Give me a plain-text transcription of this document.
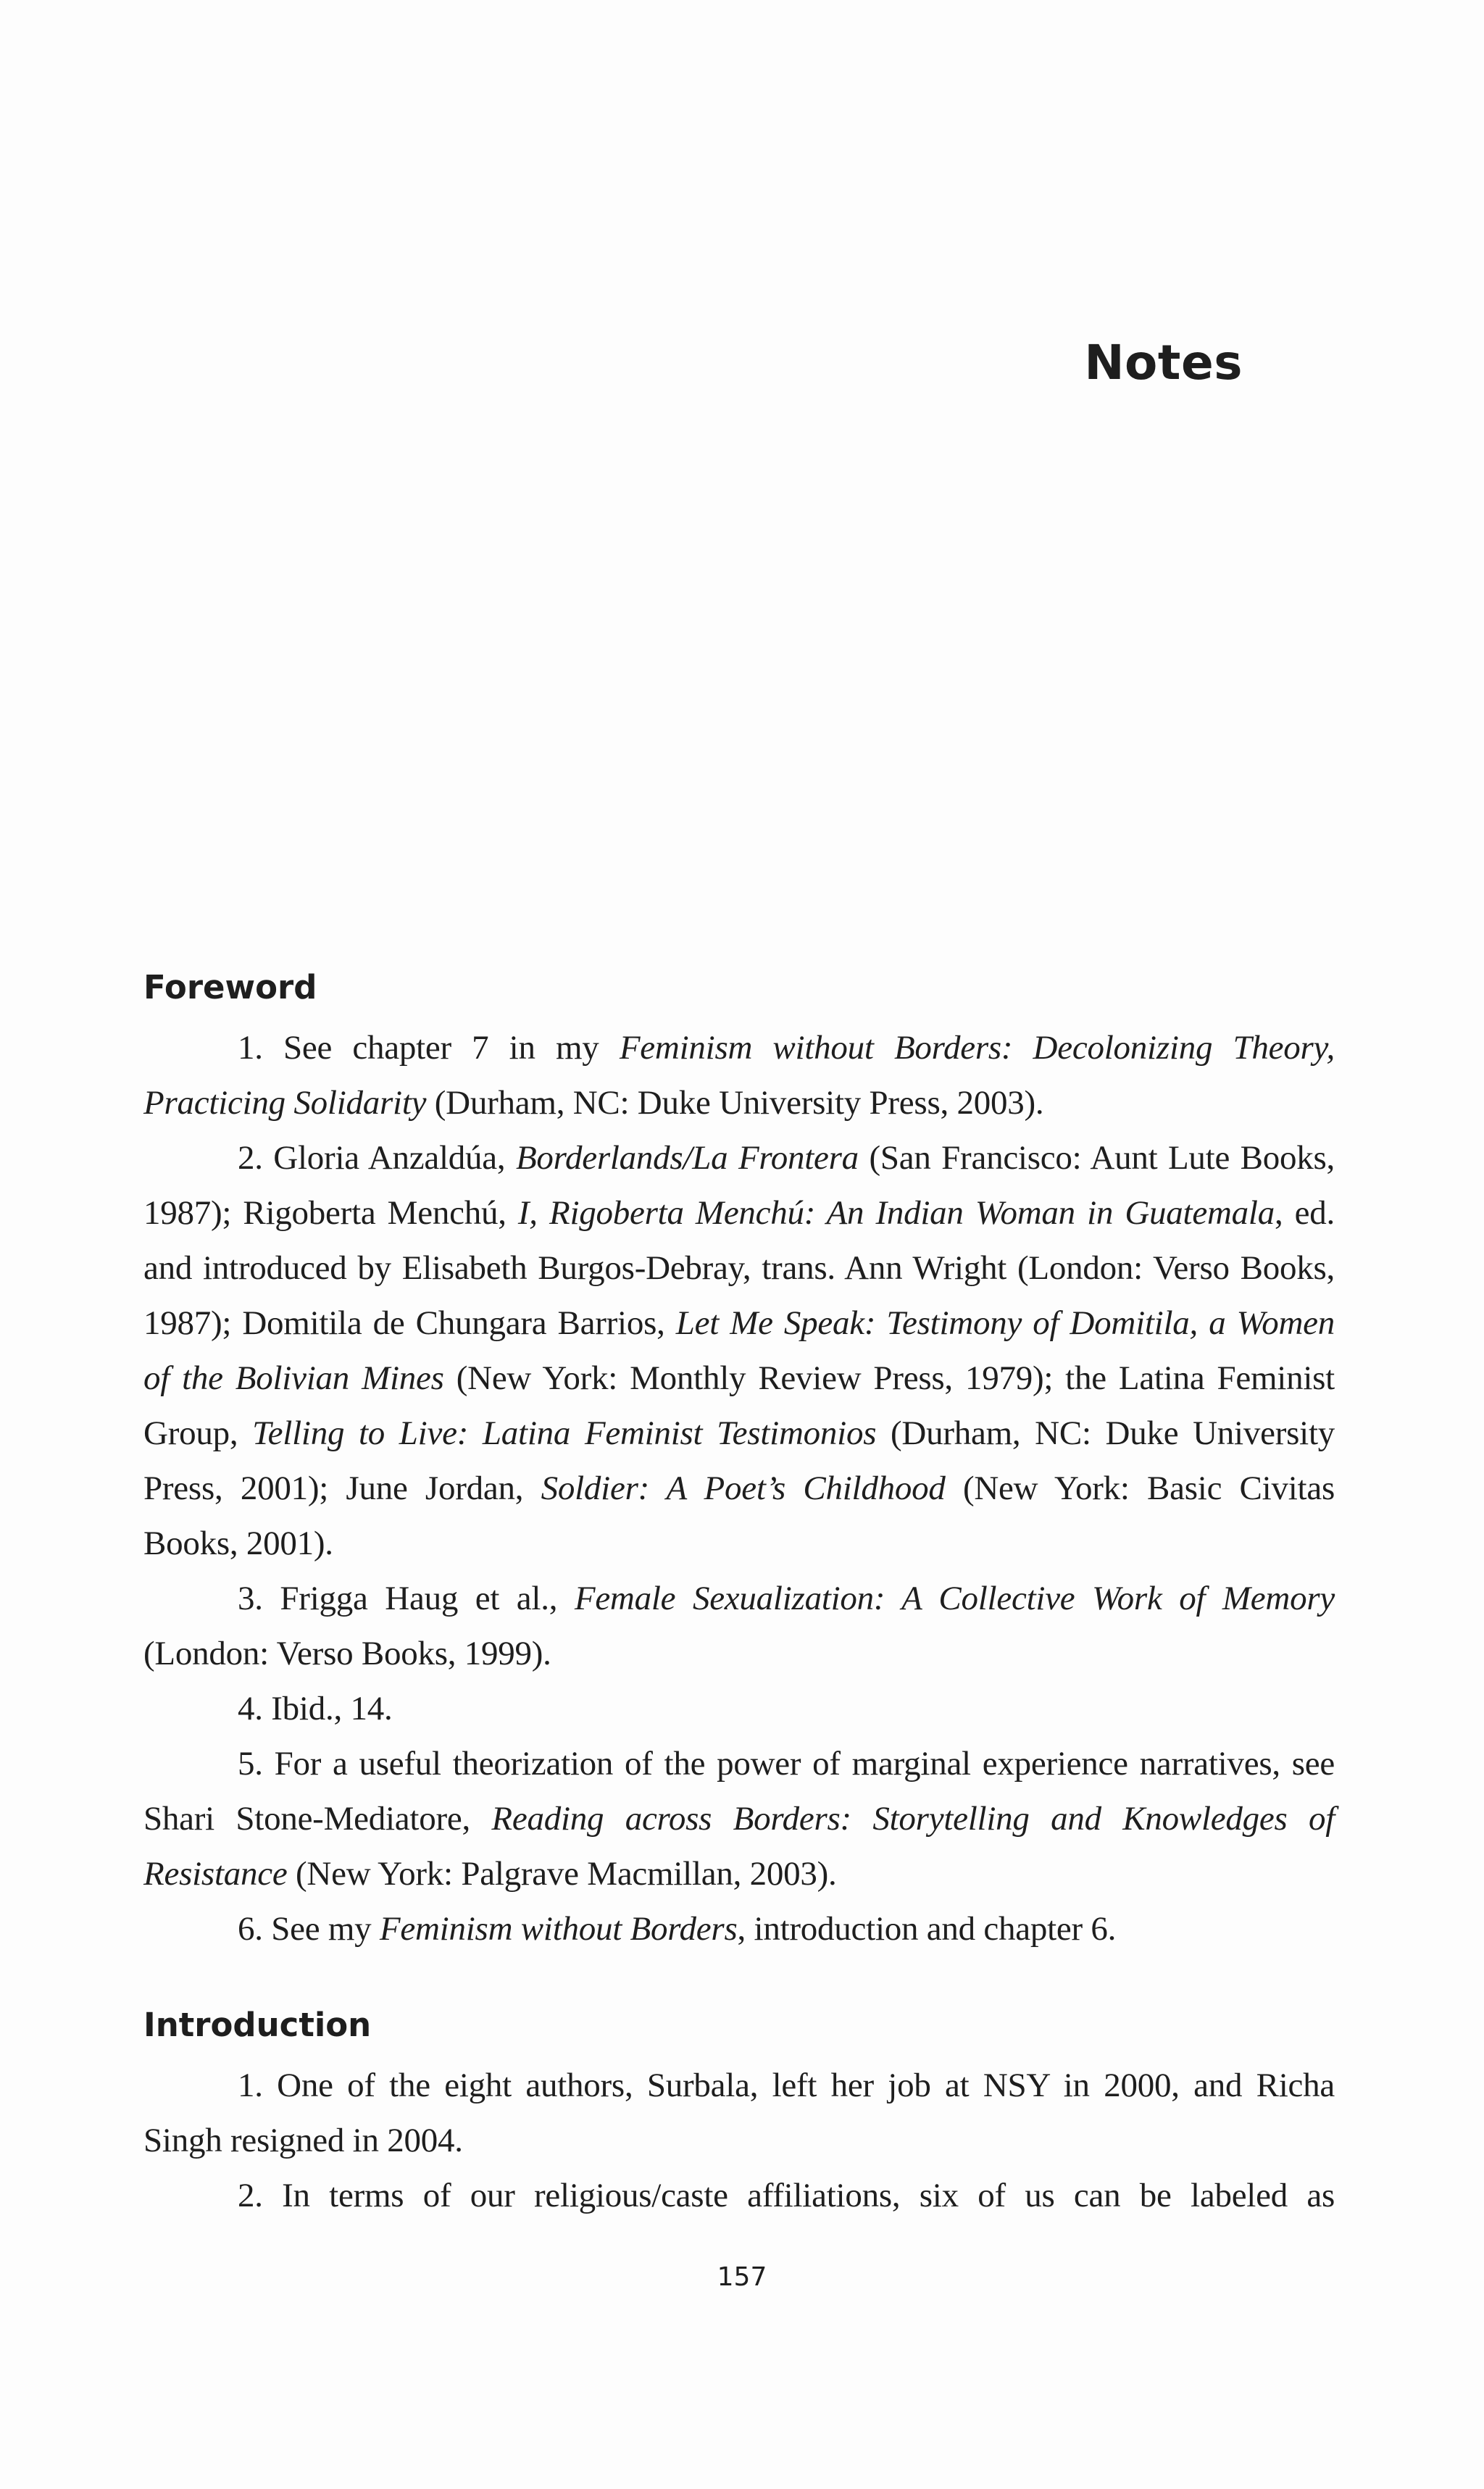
Notes
Foreword

1. See chapter 7 in my Feminism without Borders: Decolonizing Theory, Practicing Solidarity (Durham, NC: Duke University Press, 2003).

2. Gloria Anzaldúa, Borderlands/La Frontera (San Francisco: Aunt Lute Books, 1987); Rigoberta Menchú, I, Rigoberta Menchú: An Indian Woman in Guatemala, ed. and introduced by Elisabeth Burgos-Debray, trans. Ann Wright (London: Verso Books, 1987); Domitila de Chungara Barrios, Let Me Speak: Testimony of Domitila, a Women of the Bolivian Mines (New York: Monthly Review Press, 1979); the Latina Feminist Group, Telling to Live: Latina Feminist Testimonios (Durham, NC: Duke University Press, 2001); June Jordan, Soldier: A Poet’s Childhood (New York: Basic Civitas Books, 2001).

3. Frigga Haug et al., Female Sexualization: A Collective Work of Memory (London: Verso Books, 1999).

4. Ibid., 14.

5. For a useful theorization of the power of marginal experience narratives, see Shari Stone-Mediatore, Reading across Borders: Storytelling and Knowledges of Resistance (New York: Palgrave Macmillan, 2003).

6. See my Feminism without Borders, introduction and chapter 6.

Introduction

1. One of the eight authors, Surbala, left her job at NSY in 2000, and Richa Singh resigned in 2004.

2. In terms of our religious/caste affiliations, six of us can be labeled as

157
